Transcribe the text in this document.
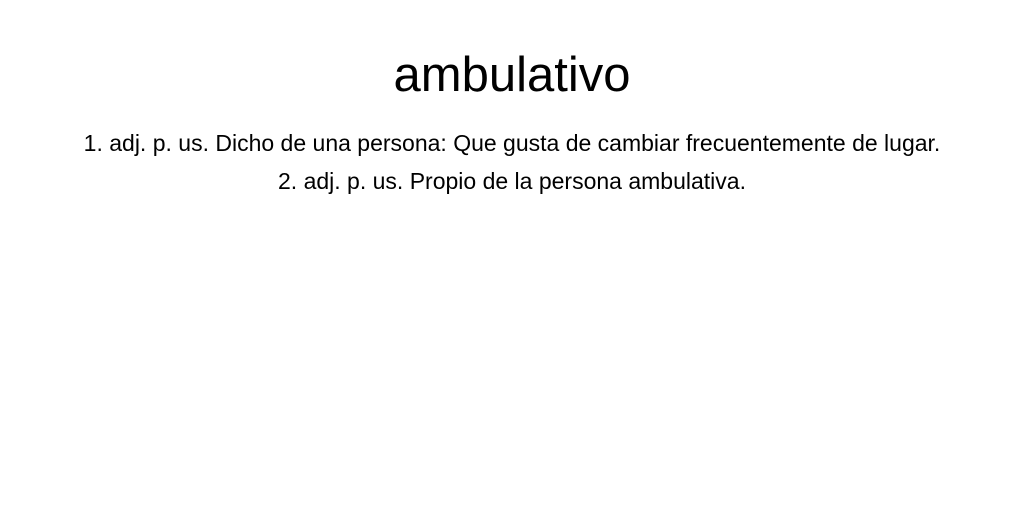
ambulativo

1. adj. p. us. Dicho de una persona: Que gusta de cambiar frecuentemente de lugar.

2. adj. p. us. Propio de la persona ambulativa.
